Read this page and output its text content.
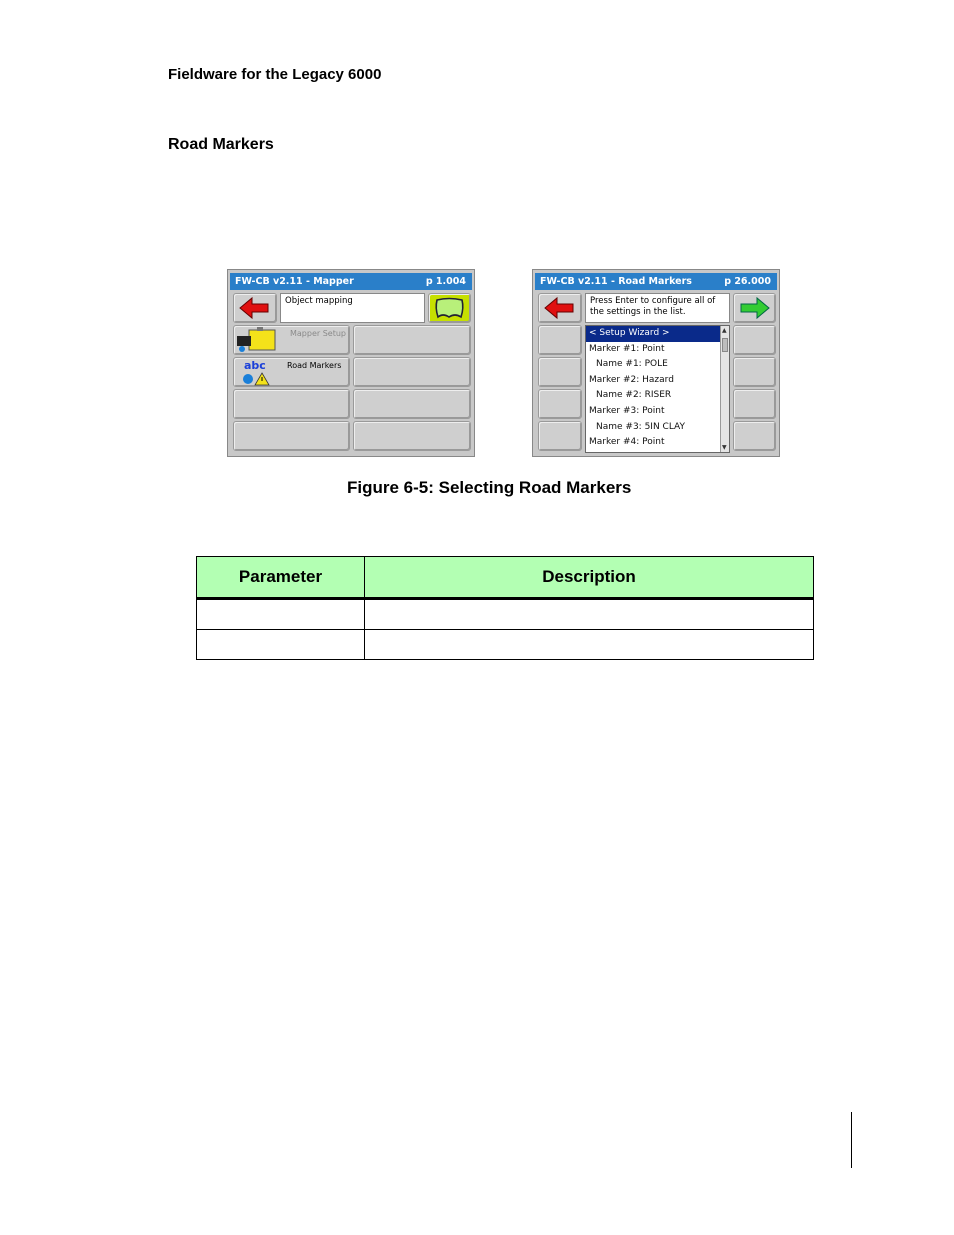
Fieldware for the Legacy 6000
Road Markers
FW-CB v2.11 - Mapper	p 1.004
Object mapping
Mapper Setup
abc	Road Markers
FW-CB v2.11 - Road Markers	p 26.000
Press Enter to configure all of the settings in the list.
< Setup Wizard >
Marker #1: Point
Name #1: POLE
Marker #2: Hazard
Name #2: RISER
Marker #3: Point
Name #3: 5IN CLAY
Marker #4: Point
▲
▼
Figure 6-5: Selecting Road Markers
Parameter	Description
